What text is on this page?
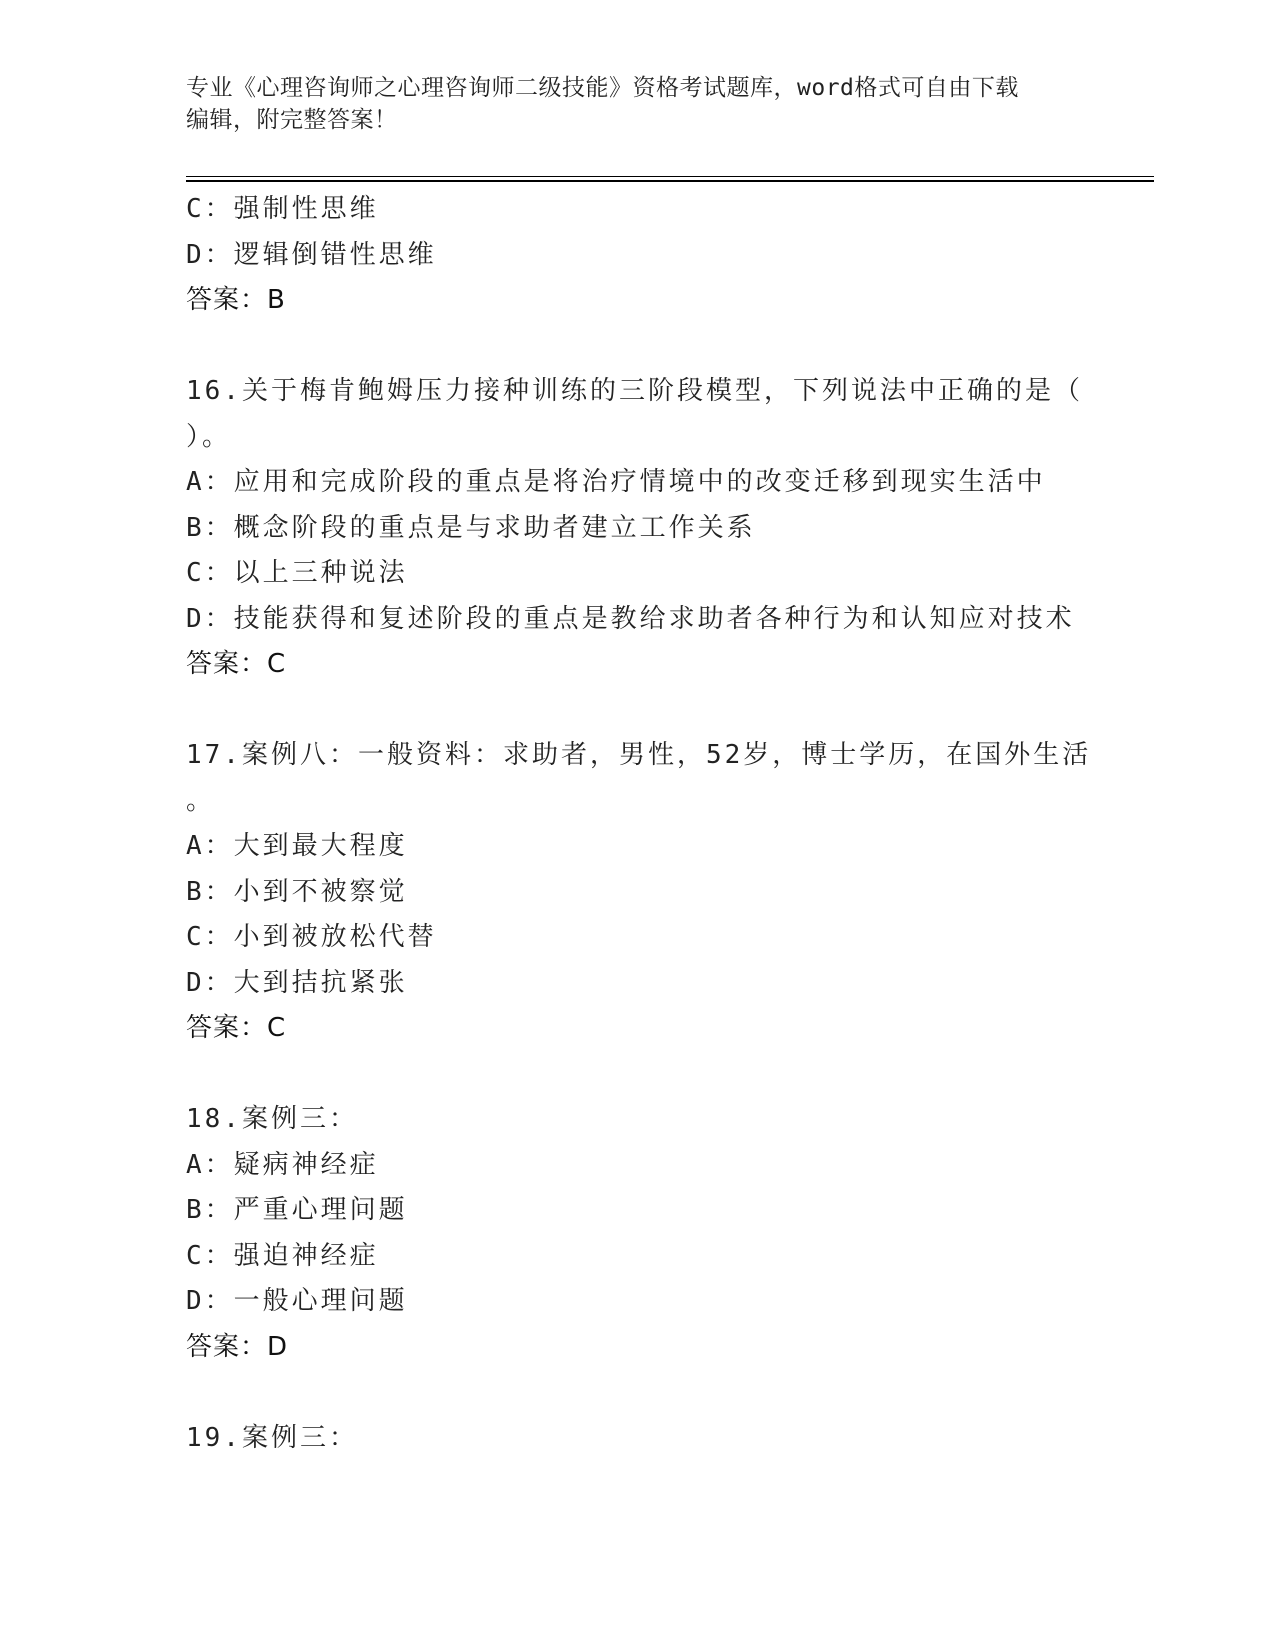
专业《心理咨询师之心理咨询师二级技能》资格考试题库，word格式可自由下载
编辑，附完整答案！

C：强制性思维

D：逻辑倒错性思维

答案：B

16.关于梅肯鲍姆压力接种训练的三阶段模型，下列说法中正确的是（

）。

A：应用和完成阶段的重点是将治疗情境中的改变迁移到现实生活中

B：概念阶段的重点是与求助者建立工作关系

C：以上三种说法

D：技能获得和复述阶段的重点是教给求助者各种行为和认知应对技术

答案：C

17.案例八：一般资料：求助者，男性，52岁，博士学历，在国外生活

。

A：大到最大程度

B：小到不被察觉

C：小到被放松代替

D：大到拮抗紧张

答案：C

18.案例三：

A：疑病神经症

B：严重心理问题

C：强迫神经症

D：一般心理问题

答案：D

19.案例三：
